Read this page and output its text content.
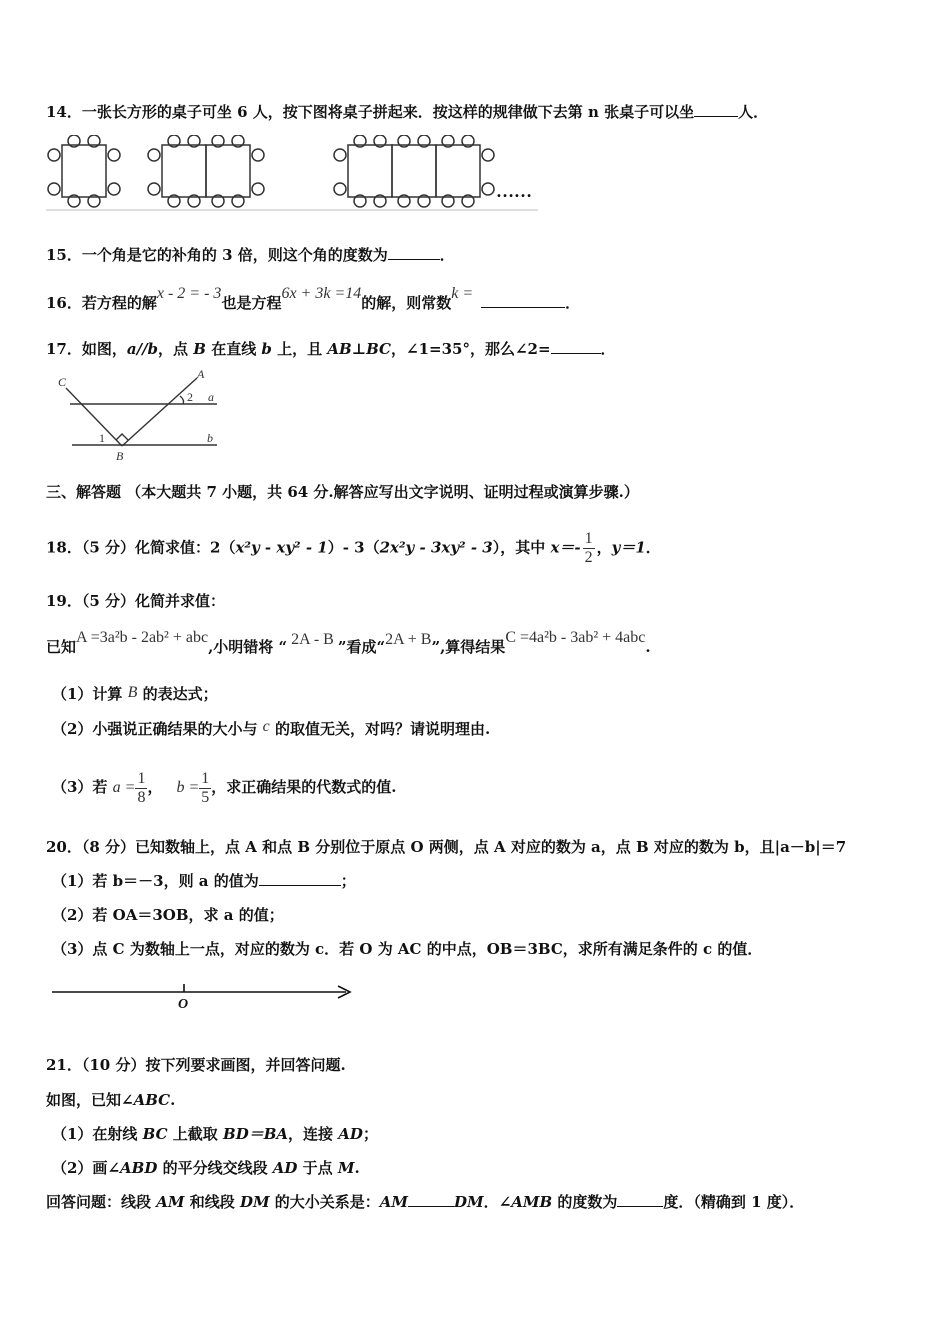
14．一张长方形的桌子可坐 6 人，按下图将桌子拼起来．按这样的规律做下去第 n 张桌子可以坐	人．
……
15．一个角是它的补角的 3 倍，则这个角的度数为	．
16．若方程的解x - 2 = - 3也是方程6x + 3k =14的解，则常数k =．
17．如图，a//b，点 B 在直线 b 上，且 AB⊥BC，∠1=35°，那么∠2=	．
C
A
2 a
1	b
B
三、解答题 （本大题共 7 小题，共 64 分.解答应写出文字说明、证明过程或演算步骤.）
18．（5 分）化简求值：2（x²y - xy² - 1）- 3（2x²y - 3xy² - 3），其中 $x=- \frac{1}{2}$ ，y＝1．
19．（5 分）化简并求值：
已知A =3a²b - 2ab² + abc,小明错将 “ 2A - B ”看成“2A + B”,算得结果C =4a²b - 3ab² + 4abc.
（1）计算 B 的表达式；
（2）小强说正确结果的大小与 c 的取值无关，对吗？请说明理由.
（3）若 $a = \frac{1}{8}$ ， $b = \frac{1}{5}$ ，求正确结果的代数式的值.
20．（8 分）已知数轴上，点 A 和点 B 分别位于原点 O 两侧，点 A 对应的数为 a，点 B 对应的数为 b，且|a－b|＝7
（1）若 b＝－3，则 a 的值为	；
（2）若 OA＝3OB，求 a 的值；
（3）点 C 为数轴上一点，对应的数为 c．若 O 为 AC 的中点，OB＝3BC，求所有满足条件的 c 的值．
O
21．（10 分）按下列要求画图，并回答问题.
如图，已知∠ABC.
（1）在射线 BC 上截取 BD＝BA，连接 AD；
（2）画∠ABD 的平分线交线段 AD 于点 M.
回答问题：线段 AM 和线段 DM 的大小关系是：AM	DM．∠AMB 的度数为	度．（精确到 1 度）．
